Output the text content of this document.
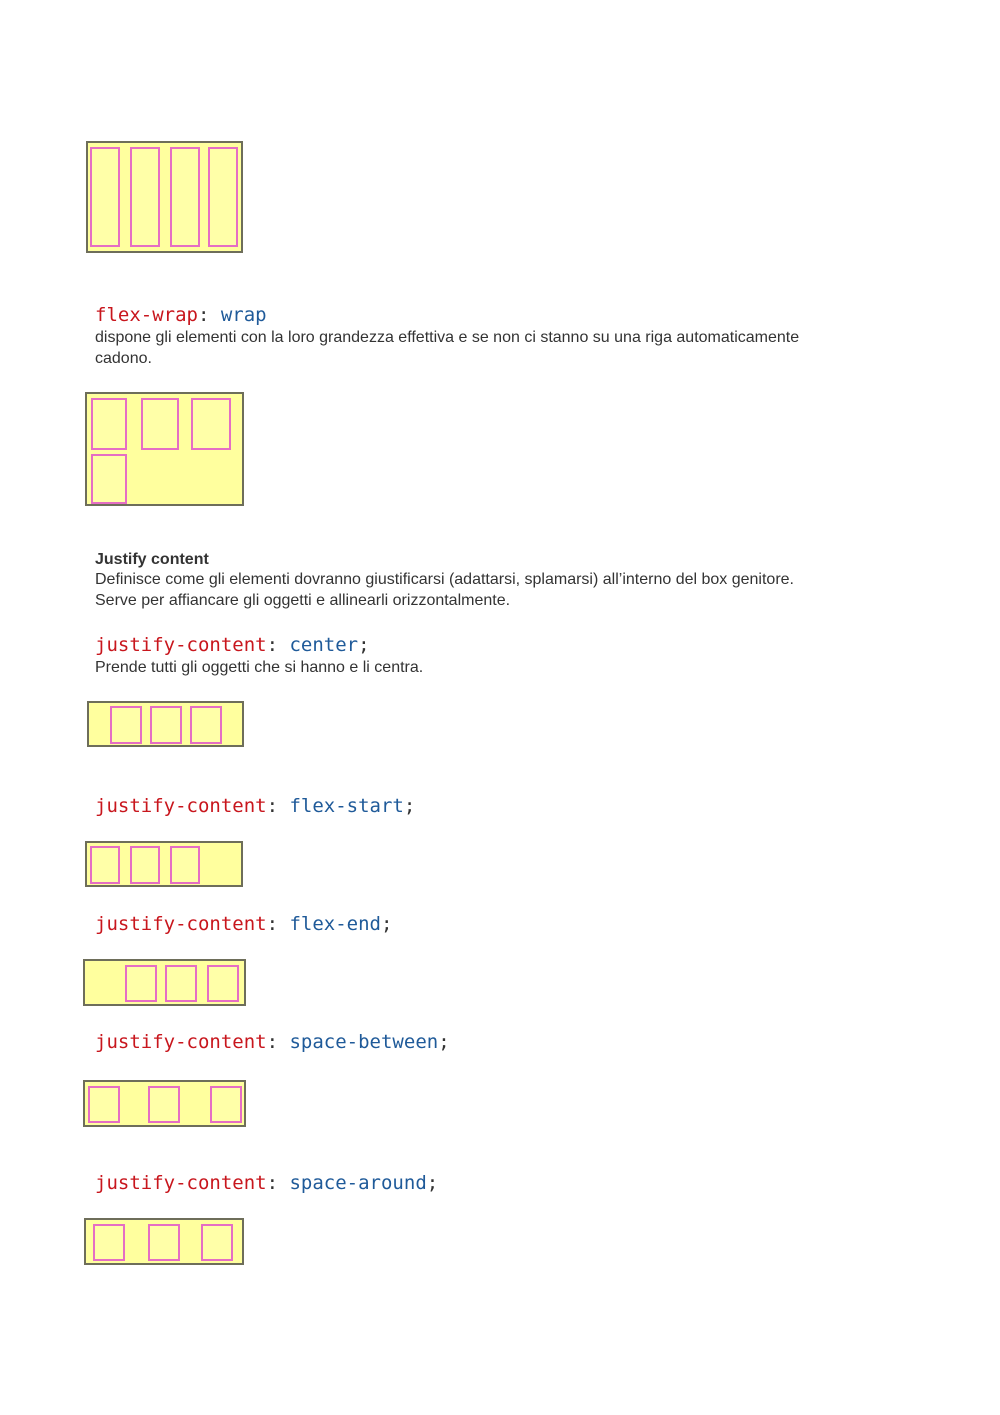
flex-wrap: wrap
dispone gli elementi con la loro grandezza effettiva e se non ci stanno su una riga automaticamente
cadono.
Justify content
Definisce come gli elementi dovranno giustificarsi (adattarsi, splamarsi) all’interno del box genitore.
Serve per affiancare gli oggetti e allinearli orizzontalmente.
justify-content: center;
Prende tutti gli oggetti che si hanno e li centra.
justify-content: flex-start;
justify-content: flex-end;
justify-content: space-between;
justify-content: space-around;
